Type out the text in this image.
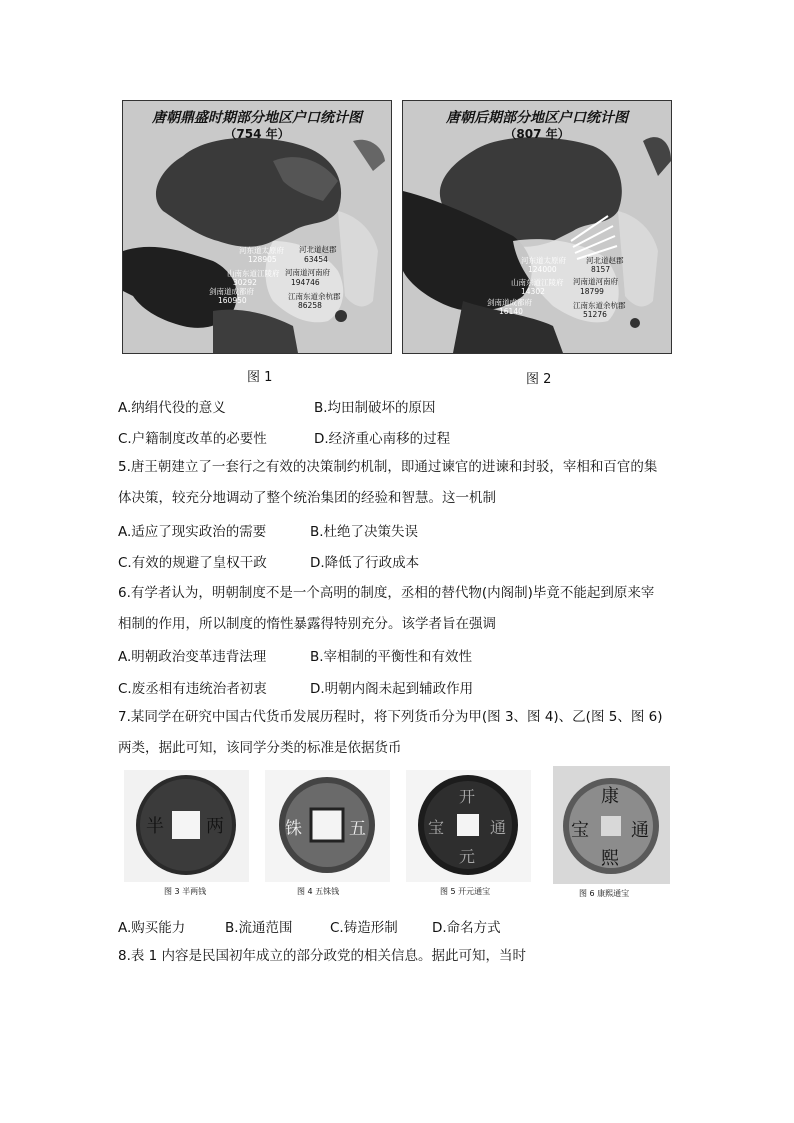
唐朝鼎盛时期部分地区户口统计图
（754 年）
河东道太原府
128905
河北道赵郡
63454
河南道河南府
194746
山南东道江陵府
30292
剑南道成都府
160950	江南东道余杭郡
86258
唐朝后期部分地区户口统计图
（807 年）
河东道太原府
124000
河北道赵郡
8157
河南道河南府
18799
山南东道江陵府
14302
剑南道成都府
16140
江南东道余杭郡
51276
图 1	图 2
A.纳绢代役的意义	B.均田制破坏的原因
C.户籍制度改革的必要性	D.经济重心南移的过程
5.唐王朝建立了一套行之有效的决策制约机制，即通过谏官的进谏和封驳，宰相和百官的集
体决策，较充分地调动了整个统治集团的经验和智慧。这一机制
A.适应了现实政治的需要	B.杜绝了决策失误
C.有效的规避了皇权干政	D.降低了行政成本
6.有学者认为，明朝制度不是一个高明的制度，丞相的替代物(内阁制)毕竟不能起到原来宰
相制的作用，所以制度的惰性暴露得特别充分。该学者旨在强调
A.明朝政治变革违背法理	B.宰相制的平衡性和有效性
C.废丞相有违统治者初衷	D.明朝内阁未起到辅政作用
7.某同学在研究中国古代货币发展历程时，将下列货币分为甲(图 3、图 4)、乙(图 5、图 6)
两类，据此可知，该同学分类的标准是依据货币
半 两
图 3 半两钱
铢	五
图 4 五铢钱
开
元
通
宝
图 5 开元通宝
康
熙
通
宝
图 6 康熙通宝
A.购买能力	B.流通范围	C.铸造形制	D.命名方式
8.表 1 内容是民国初年成立的部分政党的相关信息。据此可知，当时
